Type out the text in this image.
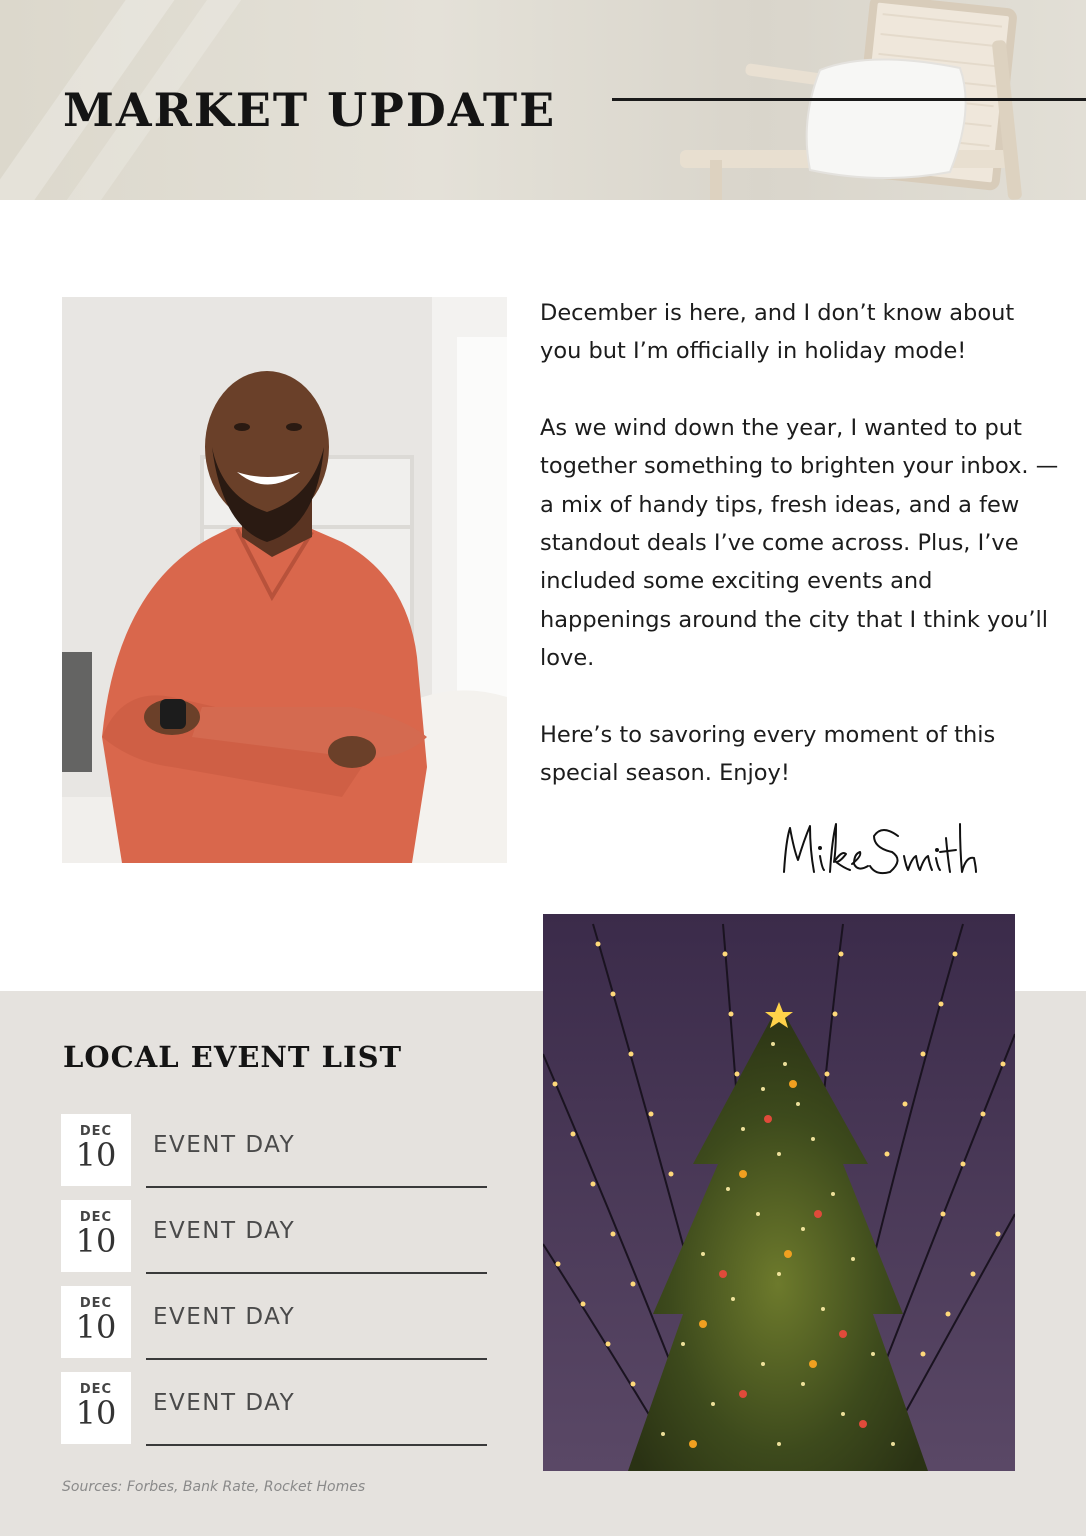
MARKET UPDATE

December is here, and I don’t know about you but I’m officially in holiday mode!

As we wind down the year, I wanted to put together something to brighten your inbox. —a mix of handy tips, fresh ideas, and a few standout deals I’ve come across. Plus, I’ve included some exciting events and happenings around the city that I think you’ll love.

Here’s to savoring every moment of this special season. Enjoy!

LOCAL EVENT LIST
DEC
10	EVENT DAY
DEC
10	EVENT DAY
DEC
10	EVENT DAY
DEC
10	EVENT DAY
Sources: Forbes, Bank Rate, Rocket Homes
